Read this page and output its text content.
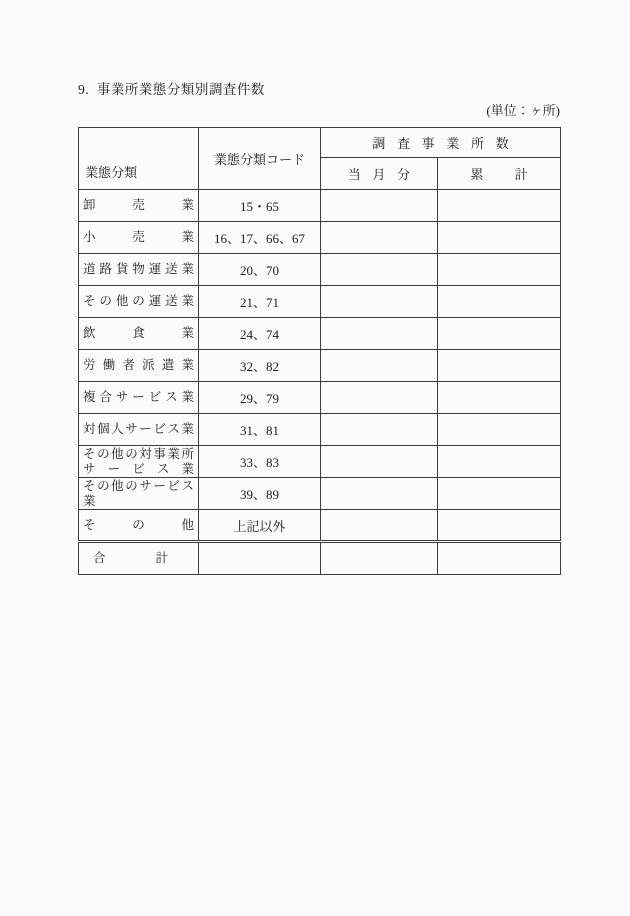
9.  事業所業態分類別調査件数
(単位：ヶ所)
業態分類	業態分類コード	調査事業所数	
		当月分	累計
卸売業	15・65		
小売業	16、17、66、67		
道路貨物運送業	20、70		
その他の運送業	21、71		
飲食業	24、74		
労働者派遣業	32、82		
複合サービス業	29、79		
対個人サービス業	31、81		
その他の対事業所
サービス業	33、83		
その他のサービス業	39、89		
その他	上記以外		
合計			
